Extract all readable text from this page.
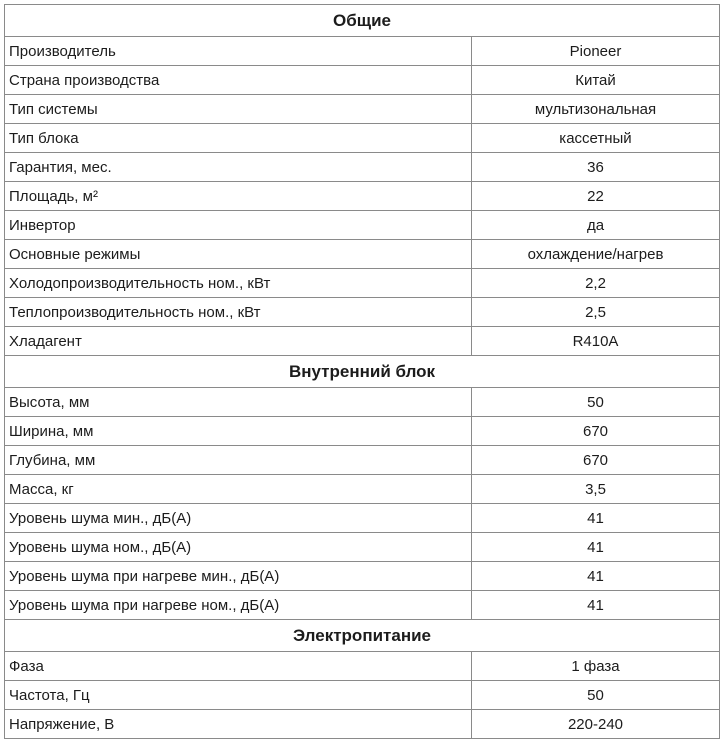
Общие	
Производитель	Pioneer
Страна производства	Китай
Тип системы	мультизональная
Тип блока	кассетный
Гарантия, мес.	36
Площадь, м²	22
Инвертор	да
Основные режимы	охлаждение/нагрев
Холодопроизводительность ном., кВт	2,2
Теплопроизводительность ном., кВт	2,5
Хладагент	R410A
Внутренний блок	
Высота, мм	50
Ширина, мм	670
Глубина, мм	670
Масса, кг	3,5
Уровень шума мин., дБ(А)	41
Уровень шума ном., дБ(А)	41
Уровень шума при нагреве мин., дБ(А)	41
Уровень шума при нагреве ном., дБ(А)	41
Электропитание	
Фаза	1 фаза
Частота, Гц	50
Напряжение, В	220-240
